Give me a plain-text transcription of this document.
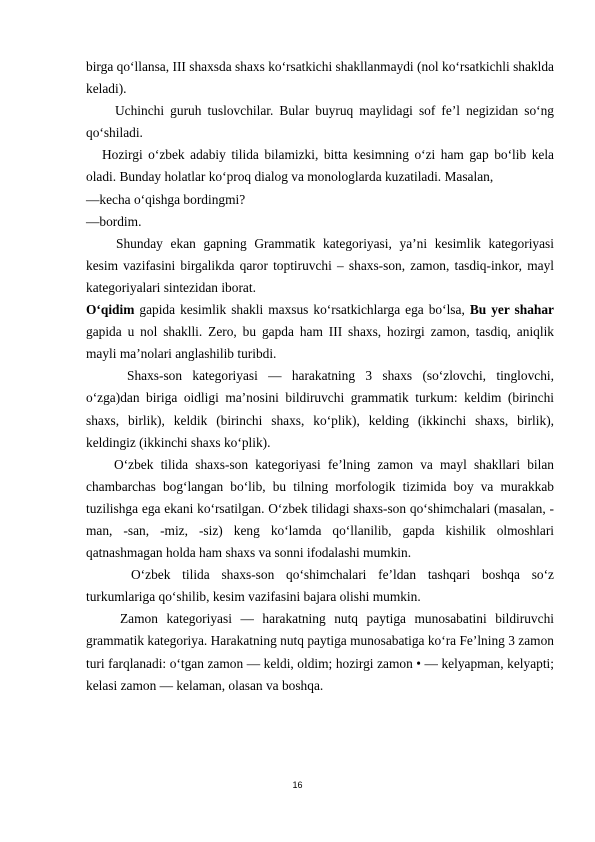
birga qo‘llansa, III shaxsda shaxs ko‘rsatkichi shakllanmaydi (nol ko‘rsatkichli shaklda keladi).

Uchinchi guruh tuslovchilar. Bular buyruq maylidagi sof fe’l negizidan so‘ng qo‘shiladi.

Hozirgi o‘zbek adabiy tilida bilamizki, bitta kesimning o‘zi ham gap bo‘lib kela oladi. Bunday holatlar ko‘proq dialog va monologlarda kuzatiladi. Masalan,

—kecha o‘qishga bordingmi?

—bordim.

Shunday ekan gapning Grammatik kategoriyasi, ya’ni kesimlik kategoriyasi kesim vazifasini birgalikda qaror toptiruvchi – shaxs-son, zamon, tasdiq-inkor, mayl kategoriyalari sintezidan iborat.

O‘qidim gapida kesimlik shakli maxsus ko‘rsatkichlarga ega bo‘lsa, Bu yer shahar gapida u nol shaklli. Zero, bu gapda ham III shaxs, hozirgi zamon, tasdiq, aniqlik mayli ma’nolari anglashilib turibdi.

Shaxs-son kategoriyasi — harakatning 3 shaxs (so‘zlovchi, tinglovchi, o‘zga)dan biriga oidligi ma’nosini bildiruvchi grammatik turkum: keldim (birinchi shaxs, birlik), keldik (birinchi shaxs, ko‘plik), kelding (ikkinchi shaxs, birlik), keldingiz (ikkinchi shaxs ko‘plik).

O‘zbek tilida shaxs-son kategoriyasi fe’lning zamon va mayl shakllari bilan chambarchas bog‘langan bo‘lib, bu tilning morfologik tizimida boy va murakkab tuzilishga ega ekani ko‘rsatilgan. O‘zbek tilidagi shaxs-son qo‘shimchalari (masalan, -man, -san, -miz, -siz) keng ko‘lamda qo‘llanilib, gapda kishilik olmoshlari qatnashmagan holda ham shaxs va sonni ifodalashi mumkin.

O‘zbek tilida shaxs-son qo‘shimchalari fe’ldan tashqari boshqa so‘z turkumlariga qo‘shilib, kesim vazifasini bajara olishi mumkin.

Zamon kategoriyasi — harakatning nutq paytiga munosabatini bildiruvchi grammatik kategoriya. Harakatning nutq paytiga munosabatiga ko‘ra Fe’lning 3 zamon turi farqlanadi: o‘tgan zamon — keldi, oldim; hozirgi zamon • — kelyapman, kelyapti; kelasi zamon — kelaman, olasan va boshqa.

16
